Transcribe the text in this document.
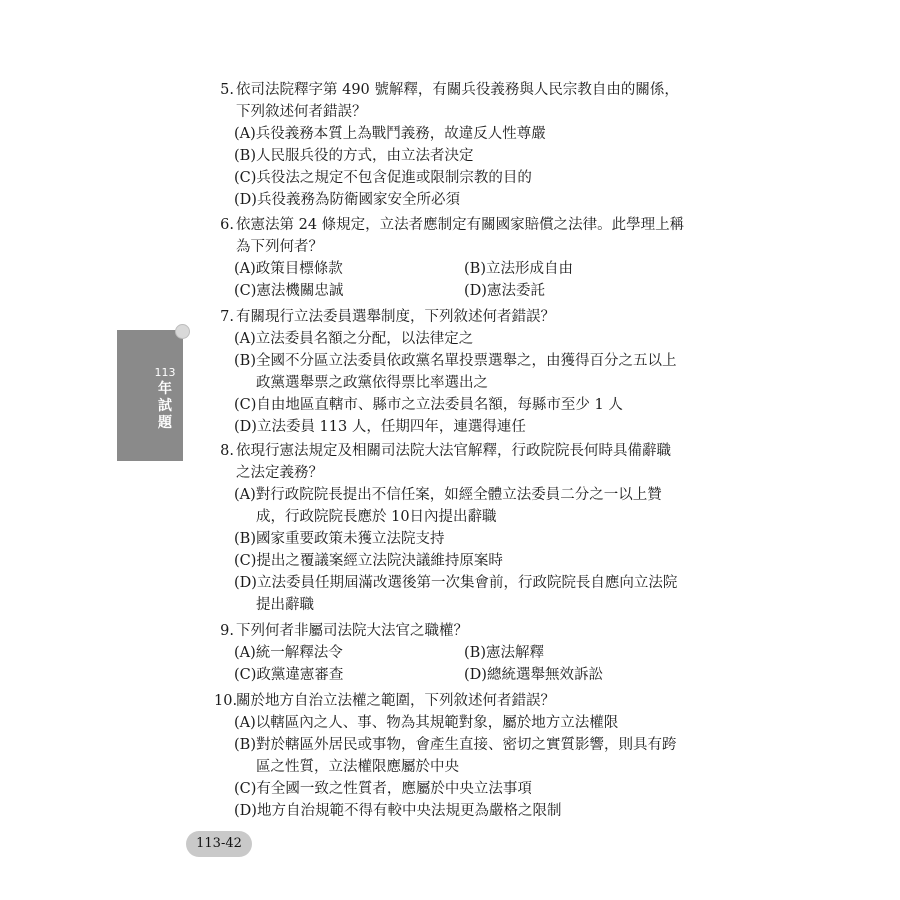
113
年
試
題
5. 依司法院釋字第 490 號解釋，有關兵役義務與人民宗教自由的關係，
下列敘述何者錯誤？
(A)兵役義務本質上為戰鬥義務，故違反人性尊嚴
(B)人民服兵役的方式，由立法者決定
(C)兵役法之規定不包含促進或限制宗教的目的
(D)兵役義務為防衛國家安全所必須
6. 依憲法第 24 條規定，立法者應制定有關國家賠償之法律。此學理上稱
為下列何者？
(A)政策目標條款	(B)立法形成自由
(C)憲法機關忠誠	(D)憲法委託
7. 有關現行立法委員選舉制度，下列敘述何者錯誤？
(A)立法委員名額之分配，以法律定之
(B)全國不分區立法委員依政黨名單投票選舉之，由獲得百分之五以上
政黨選舉票之政黨依得票比率選出之
(C)自由地區直轄市、縣市之立法委員名額，每縣市至少 1 人
(D)立法委員 113 人，任期四年，連選得連任
8. 依現行憲法規定及相關司法院大法官解釋，行政院院長何時具備辭職
之法定義務？
(A)對行政院院長提出不信任案，如經全體立法委員二分之一以上贊
成，行政院院長應於 10日內提出辭職
(B)國家重要政策未獲立法院支持
(C)提出之覆議案經立法院決議維持原案時
(D)立法委員任期屆滿改選後第一次集會前，行政院院長自應向立法院
提出辭職
9. 下列何者非屬司法院大法官之職權？
(A)統一解釋法令	(B)憲法解釋
(C)政黨違憲審查	(D)總統選舉無效訴訟
10.關於地方自治立法權之範圍，下列敘述何者錯誤？
(A)以轄區內之人、事、物為其規範對象，屬於地方立法權限
(B)對於轄區外居民或事物，會產生直接、密切之實質影響，則具有跨
區之性質，立法權限應屬於中央
(C)有全國一致之性質者，應屬於中央立法事項
(D)地方自治規範不得有較中央法規更為嚴格之限制
113-42
